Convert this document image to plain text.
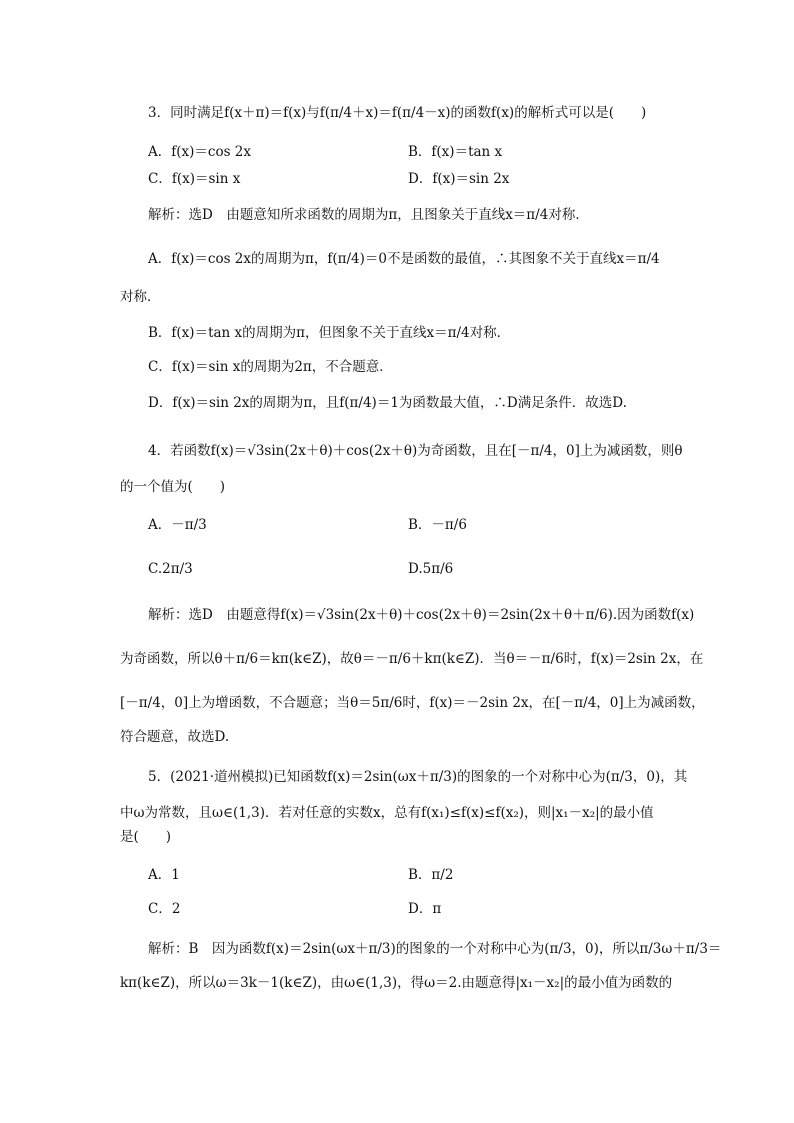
3．同时满足f(x＋π)＝f(x)与f(π/4＋x)＝f(π/4－x)的函数f(x)的解析式可以是(　　)
A．f(x)＝cos 2x	B．f(x)＝tan x
C．f(x)＝sin x	D．f(x)＝sin 2x
解析：选D　由题意知所求函数的周期为π，且图象关于直线x＝π/4对称．
A．f(x)＝cos 2x的周期为π，f(π/4)＝0不是函数的最值，∴其图象不关于直线x＝π/4
对称．
B．f(x)＝tan x的周期为π，但图象不关于直线x＝π/4对称．
C．f(x)＝sin x的周期为2π，不合题意．
D．f(x)＝sin 2x的周期为π，且f(π/4)＝1为函数最大值，∴D满足条件．故选D.
4．若函数f(x)＝√3sin(2x＋θ)＋cos(2x＋θ)为奇函数，且在[－π/4，0]上为减函数，则θ
的一个值为(　　)
A．－π/3	B．－π/6
C.2π/3	D.5π/6
解析：选D　由题意得f(x)＝√3sin(2x＋θ)＋cos(2x＋θ)＝2sin(2x＋θ＋π/6).因为函数f(x)
为奇函数，所以θ＋π/6＝kπ(k∈Z)，故θ＝－π/6＋kπ(k∈Z)．当θ＝－π/6时，f(x)＝2sin 2x，在
[－π/4，0]上为增函数，不合题意；当θ＝5π/6时，f(x)＝－2sin 2x，在[－π/4，0]上为减函数，
符合题意，故选D.
5．(2021·道州模拟)已知函数f(x)＝2sin(ωx＋π/3)的图象的一个对称中心为(π/3，0)，其
中ω为常数，且ω∈(1,3)．若对任意的实数x，总有f(x₁)≤f(x)≤f(x₂)，则|x₁－x₂|的最小值
是(　　)
A．1	B．π/2
C．2	D．π
解析：B　因为函数f(x)＝2sin(ωx＋π/3)的图象的一个对称中心为(π/3，0)，所以π/3ω＋π/3＝
kπ(k∈Z)，所以ω＝3k－1(k∈Z)，由ω∈(1,3)，得ω＝2.由题意得|x₁－x₂|的最小值为函数的
